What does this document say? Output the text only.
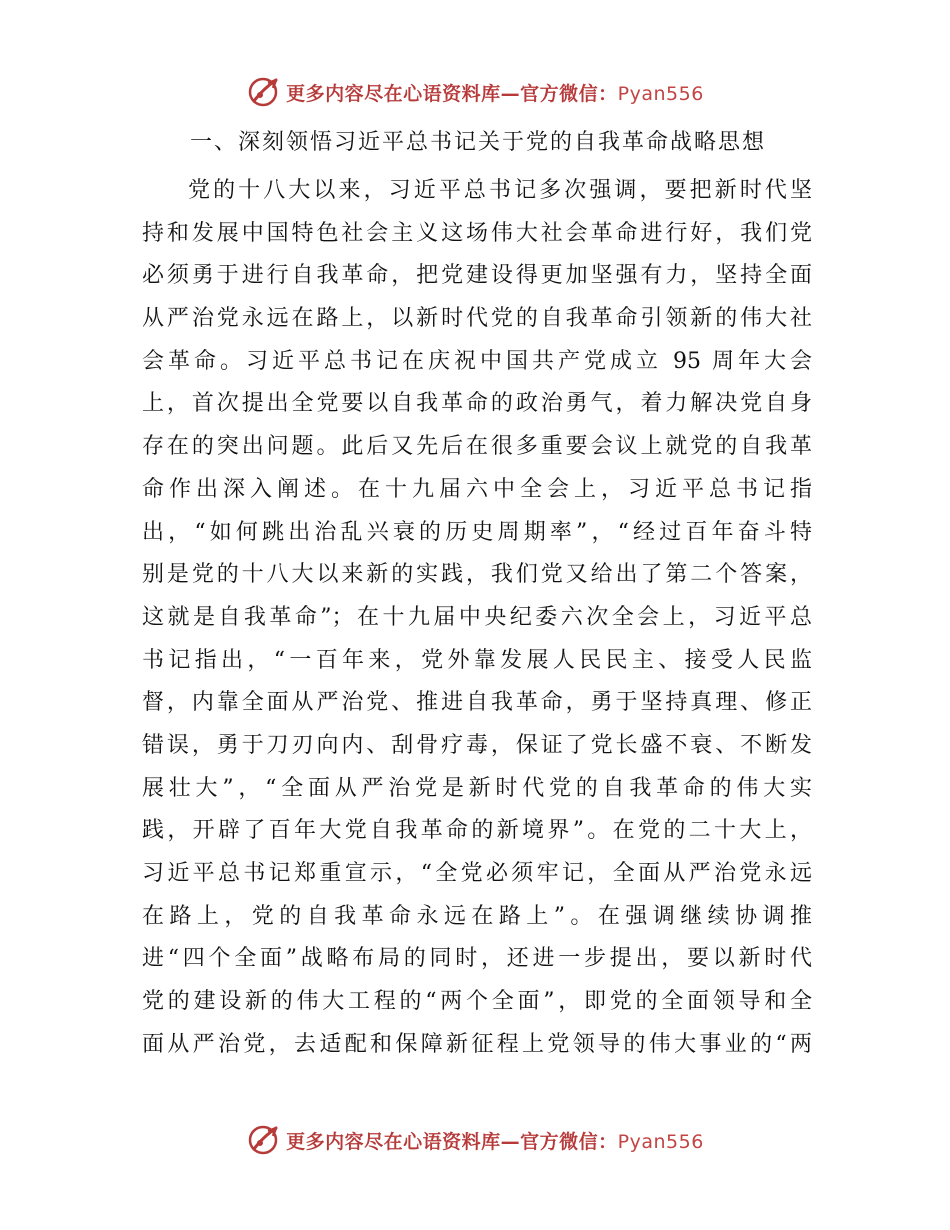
更多内容尽在心语资料库—官方微信：Pyan556
一、深刻领悟习近平总书记关于党的自我革命战略思想
党的十八大以来，习近平总书记多次强调，要把新时代坚
持和发展中国特色社会主义这场伟大社会革命进行好，我们党
必须勇于进行自我革命，把党建设得更加坚强有力，坚持全面
从严治党永远在路上，以新时代党的自我革命引领新的伟大社
会革命。习近平总书记在庆祝中国共产党成立 95 周年大会
上，首次提出全党要以自我革命的政治勇气，着力解决党自身
存在的突出问题。此后又先后在很多重要会议上就党的自我革
命作出深入阐述。在十九届六中全会上，习近平总书记指
出，“如何跳出治乱兴衰的历史周期率”，“经过百年奋斗特
别是党的十八大以来新的实践，我们党又给出了第二个答案，
这就是自我革命”；在十九届中央纪委六次全会上，习近平总
书记指出，“一百年来，党外靠发展人民民主、接受人民监
督，内靠全面从严治党、推进自我革命，勇于坚持真理、修正
错误，勇于刀刃向内、刮骨疗毒，保证了党长盛不衰、不断发
展壮大”，“全面从严治党是新时代党的自我革命的伟大实
践，开辟了百年大党自我革命的新境界”。在党的二十大上，
习近平总书记郑重宣示，“全党必须牢记，全面从严治党永远
在路上，党的自我革命永远在路上”。在强调继续协调推
进“四个全面”战略布局的同时，还进一步提出，要以新时代
党的建设新的伟大工程的“两个全面”，即党的全面领导和全
面从严治党，去适配和保障新征程上党领导的伟大事业的“两
更多内容尽在心语资料库—官方微信：Pyan556
